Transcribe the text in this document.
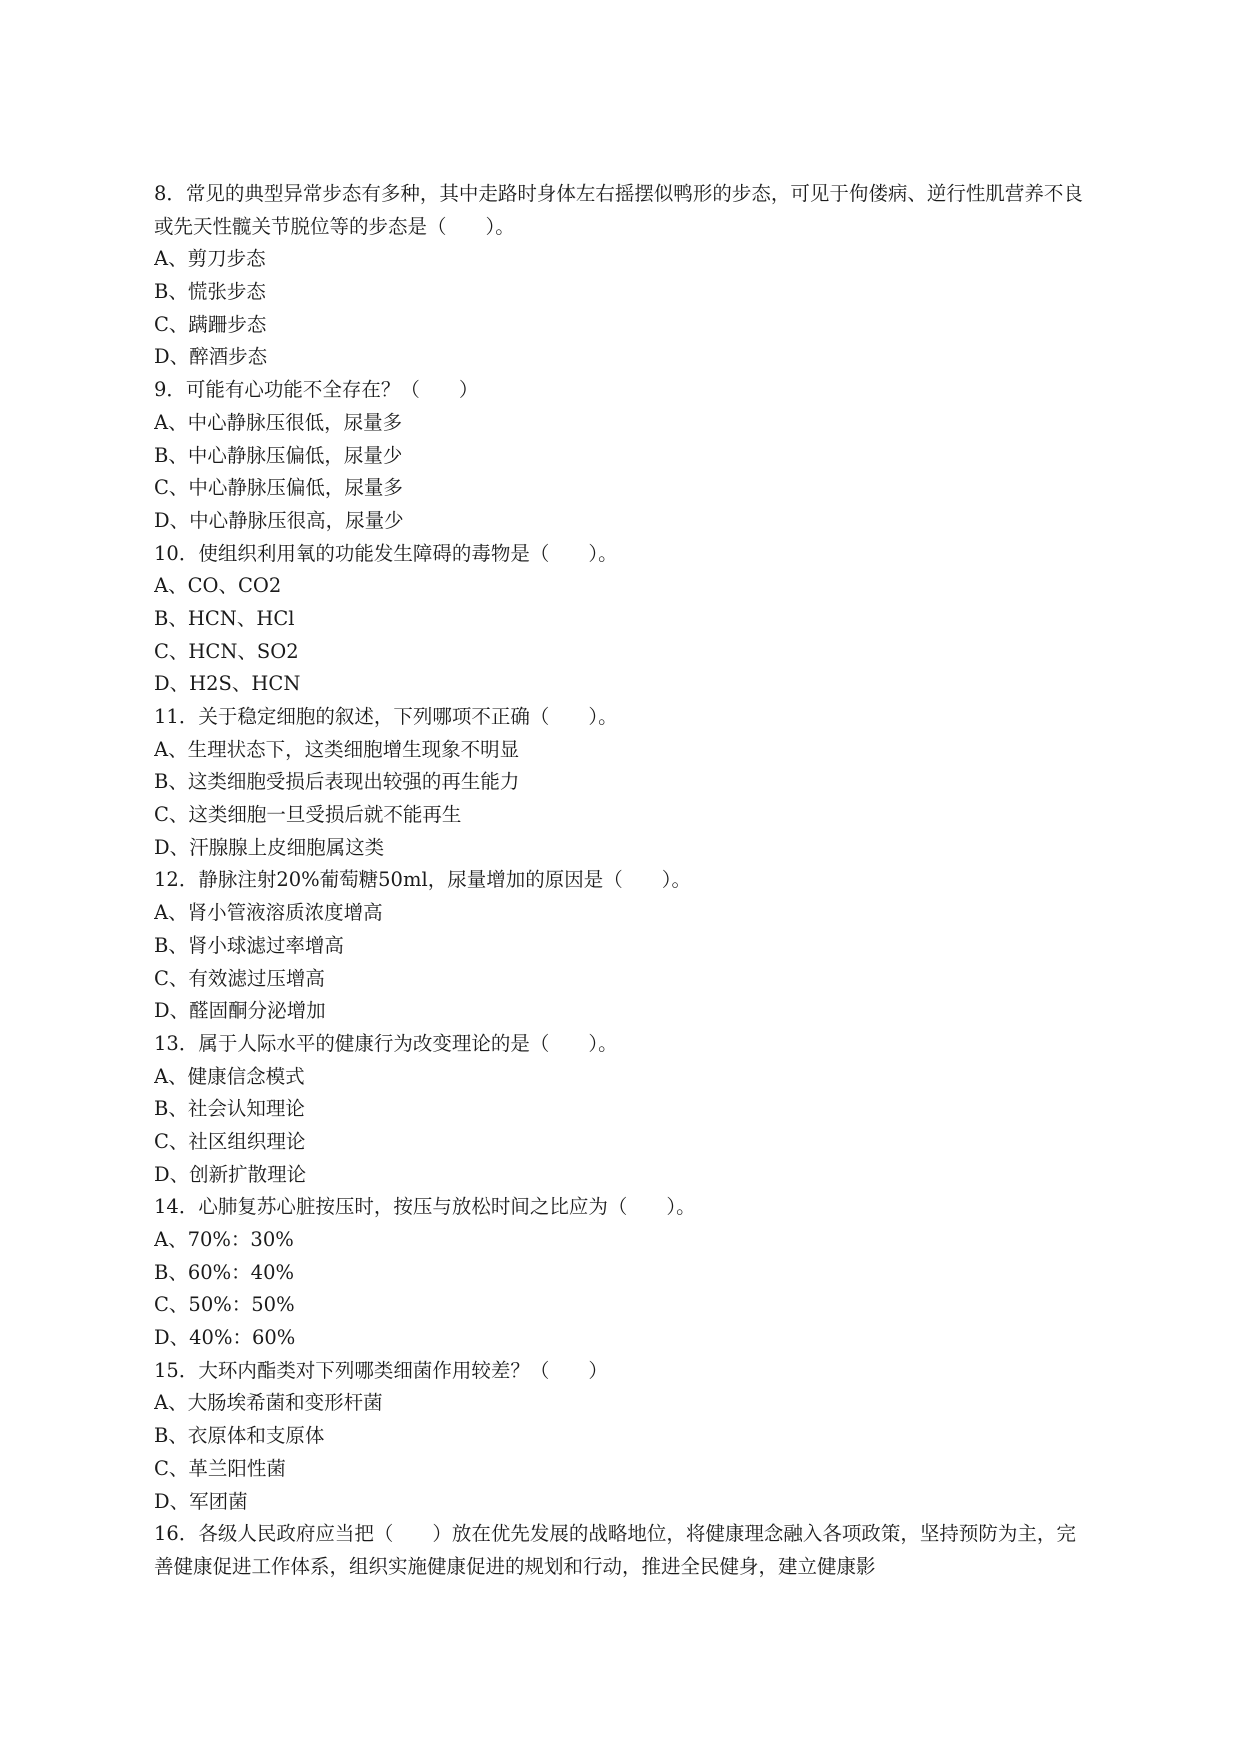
8．常见的典型异常步态有多种，其中走路时身体左右摇摆似鸭形的步态，可见于佝偻病、逆行性肌营养不良或先天性髋关节脱位等的步态是（　　）。
A、剪刀步态
B、慌张步态
C、蹒跚步态
D、醉酒步态
9．可能有心功能不全存在？（　　）
A、中心静脉压很低，尿量多
B、中心静脉压偏低，尿量少
C、中心静脉压偏低，尿量多
D、中心静脉压很高，尿量少
10．使组织利用氧的功能发生障碍的毒物是（　　）。
A、CO、CO2
B、HCN、HCl
C、HCN、SO2
D、H2S、HCN
11．关于稳定细胞的叙述，下列哪项不正确（　　）。
A、生理状态下，这类细胞增生现象不明显
B、这类细胞受损后表现出较强的再生能力
C、这类细胞一旦受损后就不能再生
D、汗腺腺上皮细胞属这类
12．静脉注射20%葡萄糖50ml，尿量增加的原因是（　　）。
A、肾小管液溶质浓度增高
B、肾小球滤过率增高
C、有效滤过压增高
D、醛固酮分泌增加
13．属于人际水平的健康行为改变理论的是（　　）。
A、健康信念模式
B、社会认知理论
C、社区组织理论
D、创新扩散理论
14．心肺复苏心脏按压时，按压与放松时间之比应为（　　）。
A、70%：30%
B、60%：40%
C、50%：50%
D、40%：60%
15．大环内酯类对下列哪类细菌作用较差？（　　）
A、大肠埃希菌和变形杆菌
B、衣原体和支原体
C、革兰阳性菌
D、军团菌
16．各级人民政府应当把（　　）放在优先发展的战略地位，将健康理念融入各项政策，坚持预防为主，完善健康促进工作体系，组织实施健康促进的规划和行动，推进全民健身，建立健康影
